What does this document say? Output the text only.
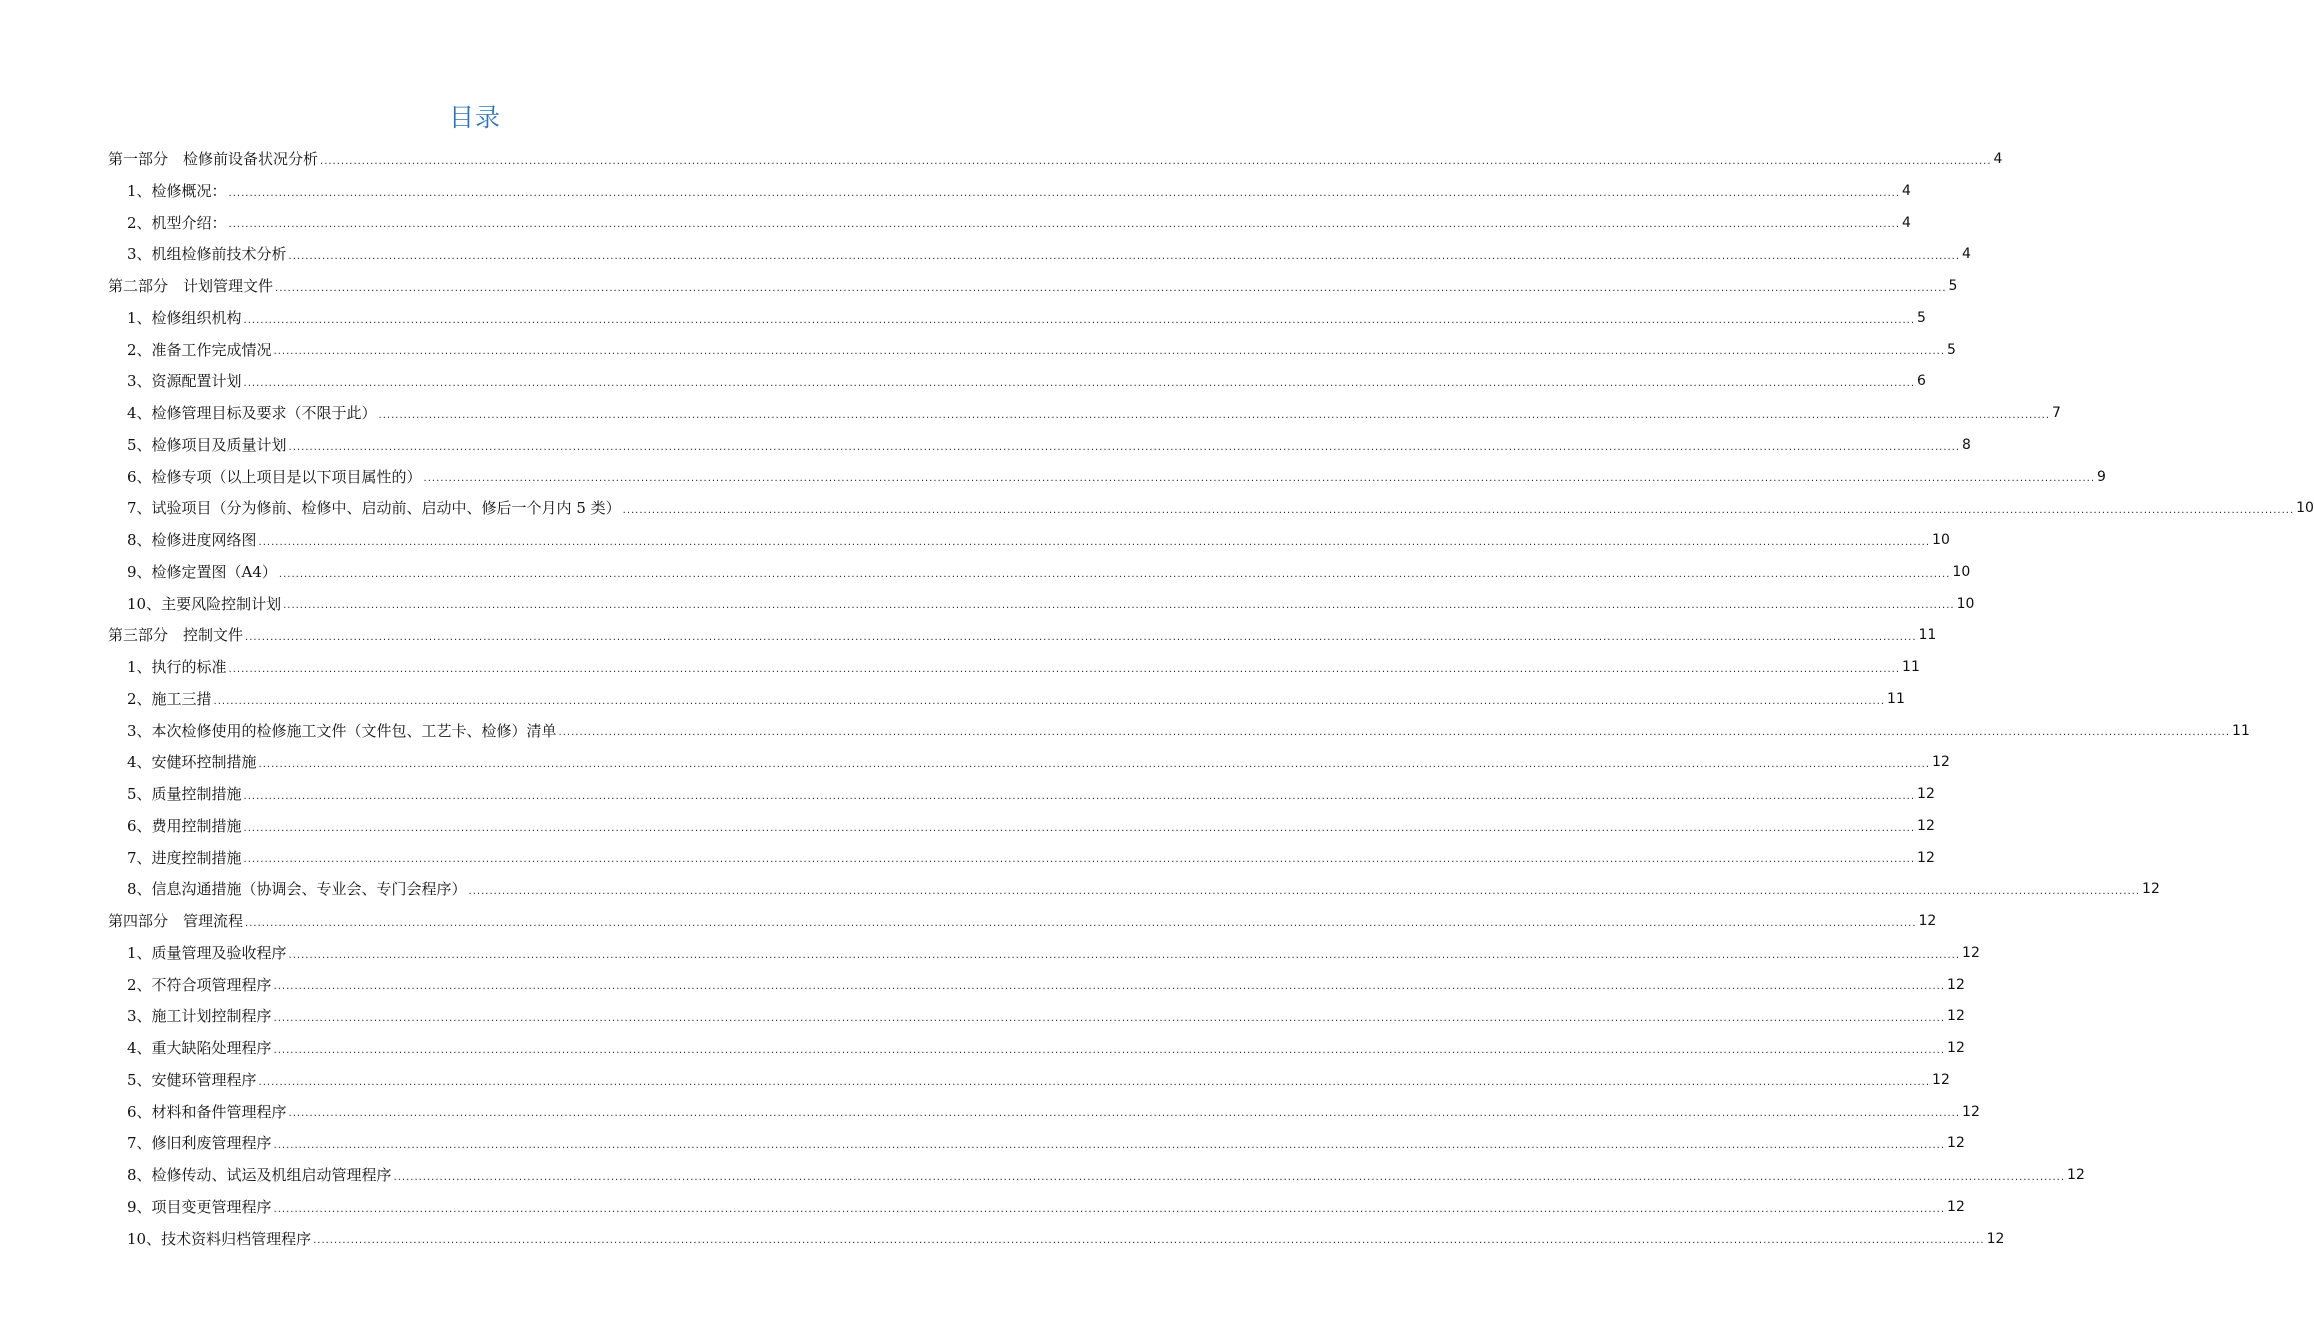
目录
第一部分　检修前设备状况分析 ................................................................................................................................................................................................................................................................................................................................................................................................................ 4
1、检修概况： ................................................................................................................................................................................................................................................................................................................................................................................................................ 4
2、机型介绍： ................................................................................................................................................................................................................................................................................................................................................................................................................ 4
3、机组检修前技术分析 ................................................................................................................................................................................................................................................................................................................................................................................................................ 4
第二部分　计划管理文件 ................................................................................................................................................................................................................................................................................................................................................................................................................ 5
1、检修组织机构 ................................................................................................................................................................................................................................................................................................................................................................................................................ 5
2、准备工作完成情况 ................................................................................................................................................................................................................................................................................................................................................................................................................ 5
3、资源配置计划 ................................................................................................................................................................................................................................................................................................................................................................................................................ 6
4、检修管理目标及要求（不限于此） ................................................................................................................................................................................................................................................................................................................................................................................................................ 7
5、检修项目及质量计划 ................................................................................................................................................................................................................................................................................................................................................................................................................ 8
6、检修专项（以上项目是以下项目属性的） ................................................................................................................................................................................................................................................................................................................................................................................................................ 9
7、试验项目（分为修前、检修中、启动前、启动中、修后一个月内 5 类） ................................................................................................................................................................................................................................................................................................................................................................................................................ 10
8、检修进度网络图 ................................................................................................................................................................................................................................................................................................................................................................................................................ 10
9、检修定置图（A4） ................................................................................................................................................................................................................................................................................................................................................................................................................ 10
10、主要风险控制计划 ................................................................................................................................................................................................................................................................................................................................................................................................................ 10
第三部分　控制文件 ................................................................................................................................................................................................................................................................................................................................................................................................................ 11
1、执行的标准 ................................................................................................................................................................................................................................................................................................................................................................................................................ 11
2、施工三措 ................................................................................................................................................................................................................................................................................................................................................................................................................ 11
3、本次检修使用的检修施工文件（文件包、工艺卡、检修）清单 ................................................................................................................................................................................................................................................................................................................................................................................................................ 11
4、安健环控制措施 ................................................................................................................................................................................................................................................................................................................................................................................................................ 12
5、质量控制措施 ................................................................................................................................................................................................................................................................................................................................................................................................................ 12
6、费用控制措施 ................................................................................................................................................................................................................................................................................................................................................................................................................ 12
7、进度控制措施 ................................................................................................................................................................................................................................................................................................................................................................................................................ 12
8、信息沟通措施（协调会、专业会、专门会程序） ................................................................................................................................................................................................................................................................................................................................................................................................................ 12
第四部分　管理流程 ................................................................................................................................................................................................................................................................................................................................................................................................................ 12
1、质量管理及验收程序 ................................................................................................................................................................................................................................................................................................................................................................................................................ 12
2、不符合项管理程序 ................................................................................................................................................................................................................................................................................................................................................................................................................ 12
3、施工计划控制程序 ................................................................................................................................................................................................................................................................................................................................................................................................................ 12
4、重大缺陷处理程序 ................................................................................................................................................................................................................................................................................................................................................................................................................ 12
5、安健环管理程序 ................................................................................................................................................................................................................................................................................................................................................................................................................ 12
6、材料和备件管理程序 ................................................................................................................................................................................................................................................................................................................................................................................................................ 12
7、修旧利废管理程序 ................................................................................................................................................................................................................................................................................................................................................................................................................ 12
8、检修传动、试运及机组启动管理程序 ................................................................................................................................................................................................................................................................................................................................................................................................................ 12
9、项目变更管理程序 ................................................................................................................................................................................................................................................................................................................................................................................................................ 12
10、技术资料归档管理程序 ................................................................................................................................................................................................................................................................................................................................................................................................................ 12
